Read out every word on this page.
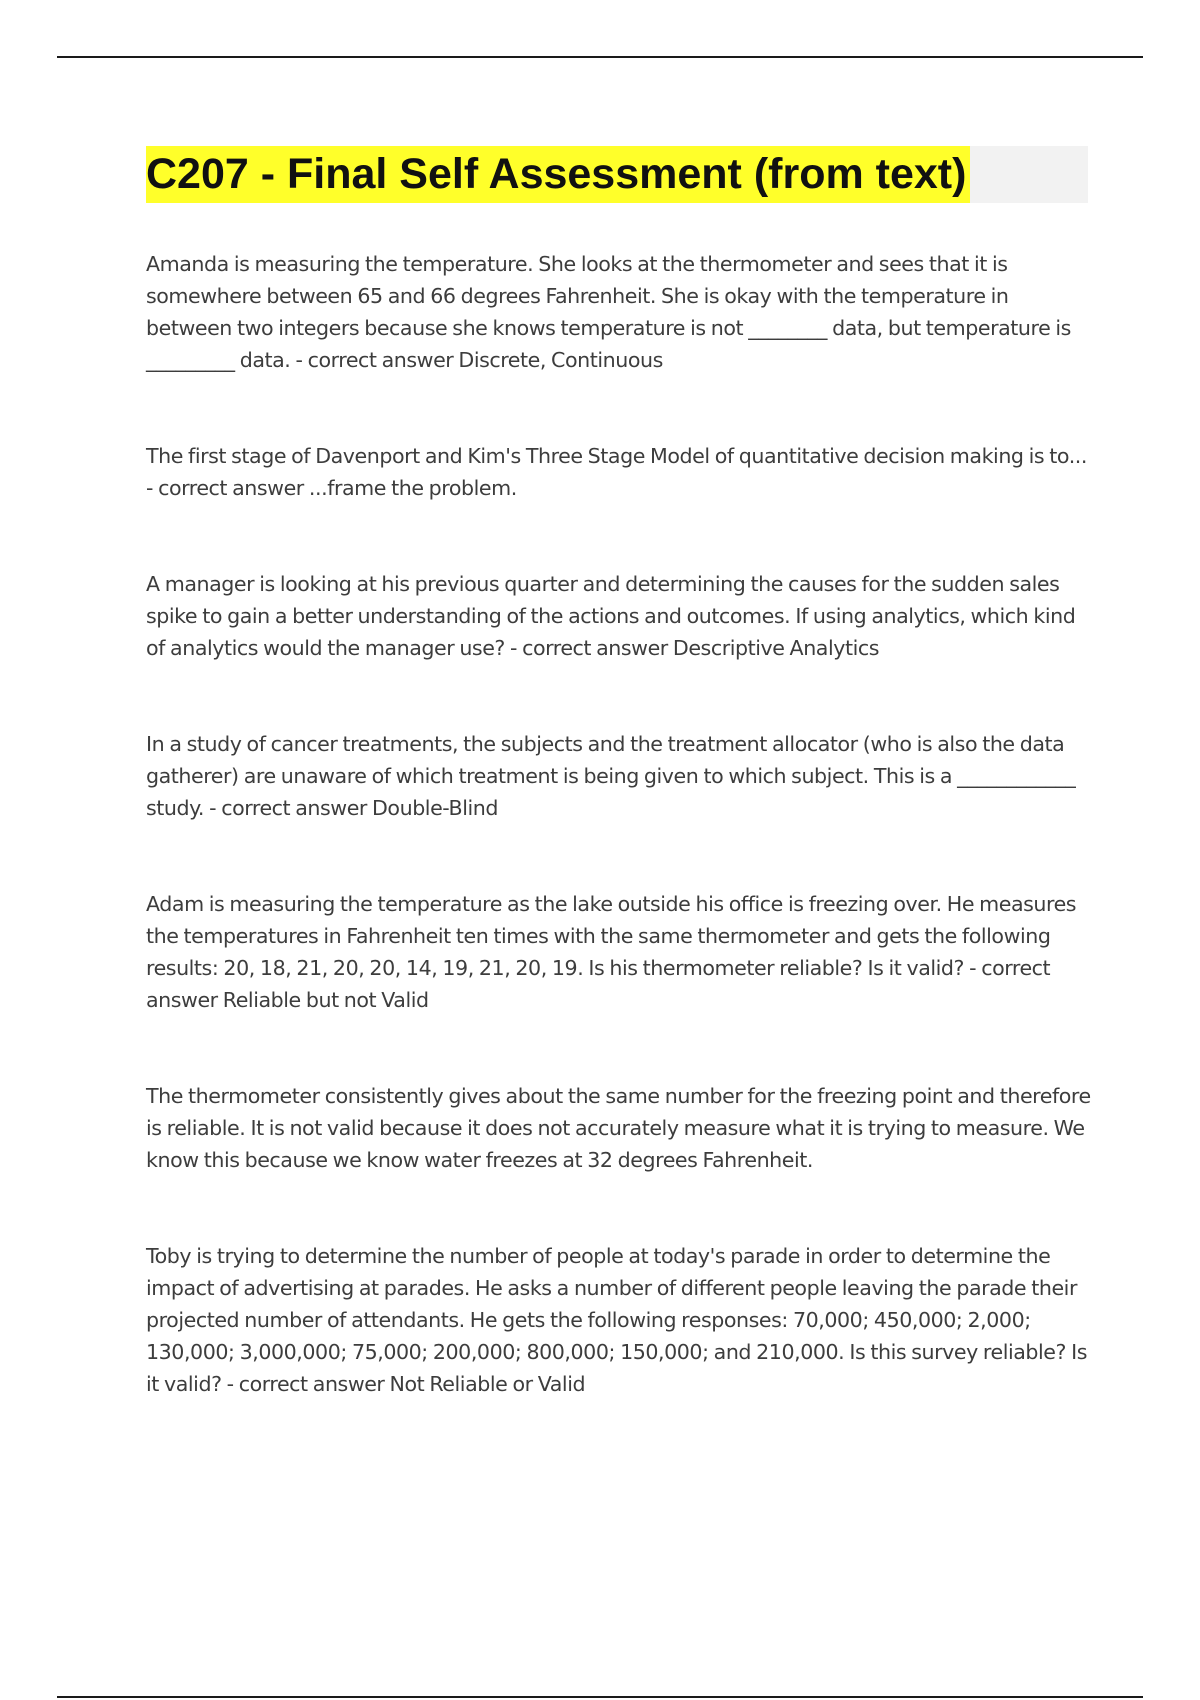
C207 - Final Self Assessment (from text)

Amanda is measuring the temperature. She looks at the thermometer and sees that it is somewhere between 65 and 66 degrees Fahrenheit. She is okay with the temperature in between two integers because she knows temperature is not ________ data, but temperature is _________ data. - correct answer Discrete, Continuous

The first stage of Davenport and Kim's Three Stage Model of quantitative decision making is to... - correct answer ...frame the problem.

A manager is looking at his previous quarter and determining the causes for the sudden sales spike to gain a better understanding of the actions and outcomes. If using analytics, which kind of analytics would the manager use? - correct answer Descriptive Analytics

In a study of cancer treatments, the subjects and the treatment allocator (who is also the data gatherer) are unaware of which treatment is being given to which subject. This is a ____________ study. - correct answer Double-Blind

Adam is measuring the temperature as the lake outside his office is freezing over. He measures the temperatures in Fahrenheit ten times with the same thermometer and gets the following results: 20, 18, 21, 20, 20, 14, 19, 21, 20, 19. Is his thermometer reliable? Is it valid? - correct answer Reliable but not Valid

The thermometer consistently gives about the same number for the freezing point and therefore is reliable. It is not valid because it does not accurately measure what it is trying to measure. We know this because we know water freezes at 32 degrees Fahrenheit.

Toby is trying to determine the number of people at today's parade in order to determine the impact of advertising at parades. He asks a number of different people leaving the parade their projected number of attendants. He gets the following responses: 70,000; 450,000; 2,000; 130,000; 3,000,000; 75,000; 200,000; 800,000; 150,000; and 210,000. Is this survey reliable? Is it valid? - correct answer Not Reliable or Valid
